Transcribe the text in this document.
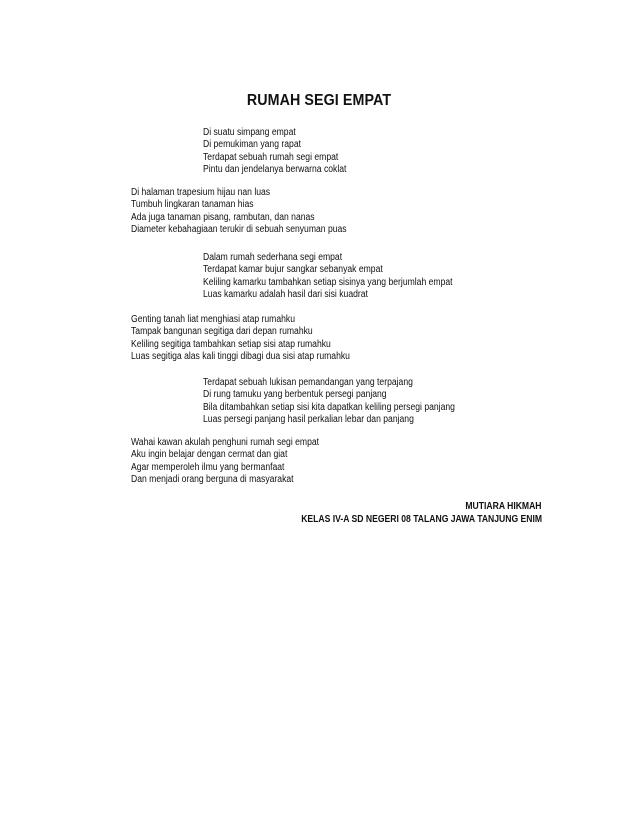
RUMAH SEGI EMPAT
Di suatu simpang empat
Di pemukiman yang rapat
Terdapat sebuah rumah segi empat
Pintu dan jendelanya berwarna coklat
Di halaman trapesium hijau nan luas
Tumbuh lingkaran tanaman hias
Ada juga tanaman pisang, rambutan, dan nanas
Diameter kebahagiaan terukir di sebuah senyuman puas
Dalam rumah sederhana segi empat
Terdapat kamar bujur sangkar sebanyak empat
Keliling kamarku tambahkan setiap sisinya yang berjumlah empat
Luas kamarku adalah hasil dari sisi kuadrat
Genting tanah liat menghiasi atap rumahku
Tampak bangunan segitiga dari depan rumahku
Keliling segitiga tambahkan setiap sisi atap rumahku
Luas segitiga alas kali tinggi dibagi dua sisi atap rumahku
Terdapat sebuah lukisan pemandangan yang terpajang
Di rung tamuku yang berbentuk persegi panjang
Bila ditambahkan setiap sisi kita dapatkan keliling persegi panjang
Luas persegi panjang hasil perkalian lebar dan panjang
Wahai kawan akulah penghuni rumah segi empat
Aku ingin belajar dengan cermat dan giat
Agar memperoleh ilmu yang bermanfaat
Dan menjadi orang berguna di masyarakat
MUTIARA HIKMAH
KELAS IV-A SD NEGERI 08 TALANG JAWA TANJUNG ENIM
